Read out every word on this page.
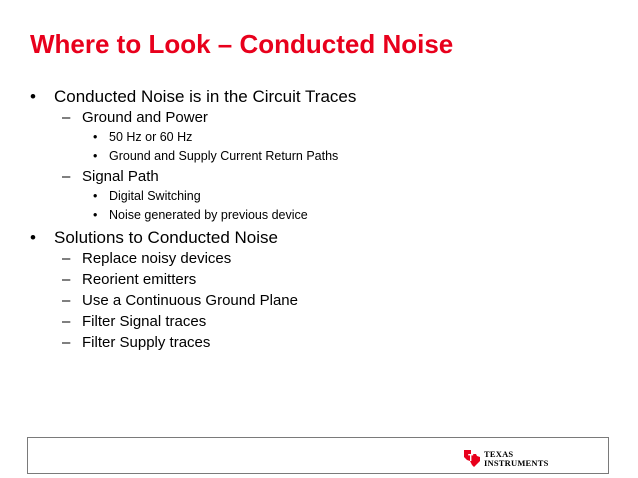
Where to Look – Conducted Noise
• Conducted Noise is in the Circuit Traces
– Ground and Power
• 50 Hz or 60 Hz
• Ground and Supply Current Return Paths
– Signal Path
• Digital Switching
• Noise generated by previous device
• Solutions to Conducted Noise
– Replace noisy devices
– Reorient emitters
– Use a Continuous Ground Plane
– Filter Signal traces
– Filter Supply traces
TEXAS
INSTRUMENTS
